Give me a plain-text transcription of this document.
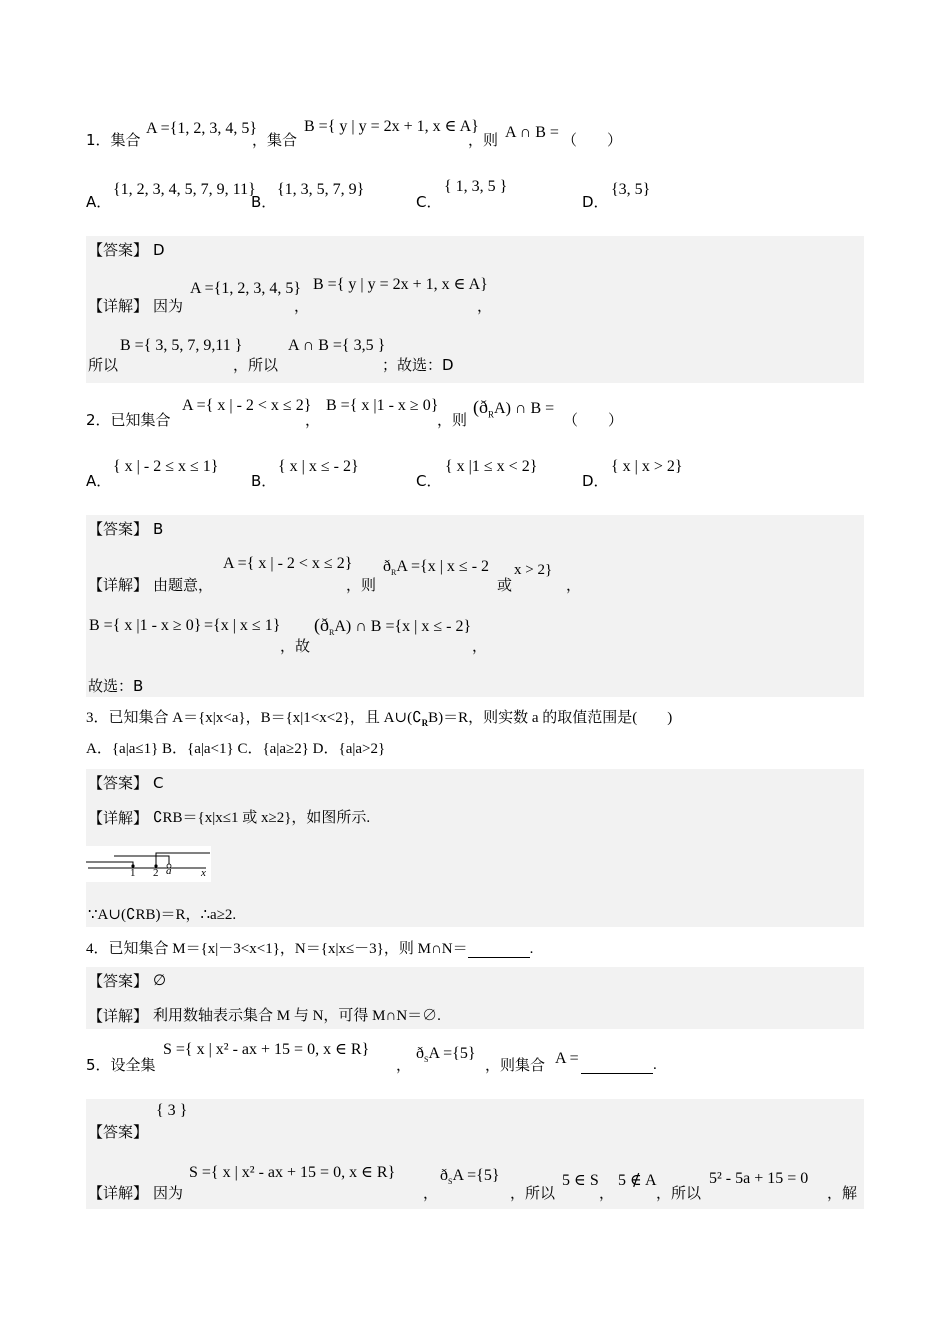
1．集合
A ={1, 2, 3, 4, 5}
，集合
B ={ y | y = 2x + 1, x ∈ A}
，则 A ∩ B = （　　）
A．
{1, 2, 3, 4, 5, 7, 9, 11}
B．
{1, 3, 5, 7, 9}
C．
{ 1, 3, 5 }
D．
{3, 5}
【答案】 D
【详解】 因为
A ={1, 2, 3, 4, 5}
，
B ={ y | y = 2x + 1, x ∈ A}
，
所以
B ={ 3, 5, 7, 9,11 }
，所以
A ∩ B ={ 3,5 }
；故选：D
2．已知集合
A ={ x | - 2 < x ≤ 2}
，
B ={ x |1 - x ≥ 0}
，则
$(ð_RA)$ ∩ B =
（　　）
A．
{ x | - 2 ≤ x ≤ 1}
B．
{ x | x ≤ - 2}
C．
{ x |1 ≤ x < 2}
D．
{ x | x > 2}
【答案】 B
【详解】 由题意，
A ={ x | - 2 < x ≤ 2}
，则
$ð_RA =\{x$ | x ≤ - 2
或
x > 2}
，
B ={ x |1 - x ≥ 0} ={x | x ≤ 1}
，故
$(ð_RA)$ ∩ B ={x | x ≤ - 2}
，
故选：B
3．已知集合 A＝{x|x<a}，B＝{x|1<x<2}，且 $A\cup(∁_RB)=R$，则实数 a 的取值范围是(　　)
A．{a|a≤1} B．{a|a<1} C．{a|a≥2} D．{a|a>2}
【答案】 C
【详解】 ∁RB＝{x|x≤1 或 x≥2}，如图所示.
1 2 a	x
∵A∪(∁RB)＝R，∴a≥2.
4．已知集合 M＝{x|－3<x<1}，N＝{x|x≤－3}，则 M∩N＝	.
【答案】 ∅
【详解】 利用数轴表示集合 M 与 N，可得 M∩N＝∅.
5．设全集
S ={ x | x² - ax + 15 = 0, x ∈ R}
，
$ð_SA =\{5\}$
，则集合 A =	.
{ 3 }
【答案】
【详解】 因为
S ={ x | x² - ax + 15 = 0, x ∈ R}
，
$ð_SA =\{5\}$
，所以
5 ∈ S
，
5 ∉ A
，所以
5² - 5a + 15 = 0
，解
